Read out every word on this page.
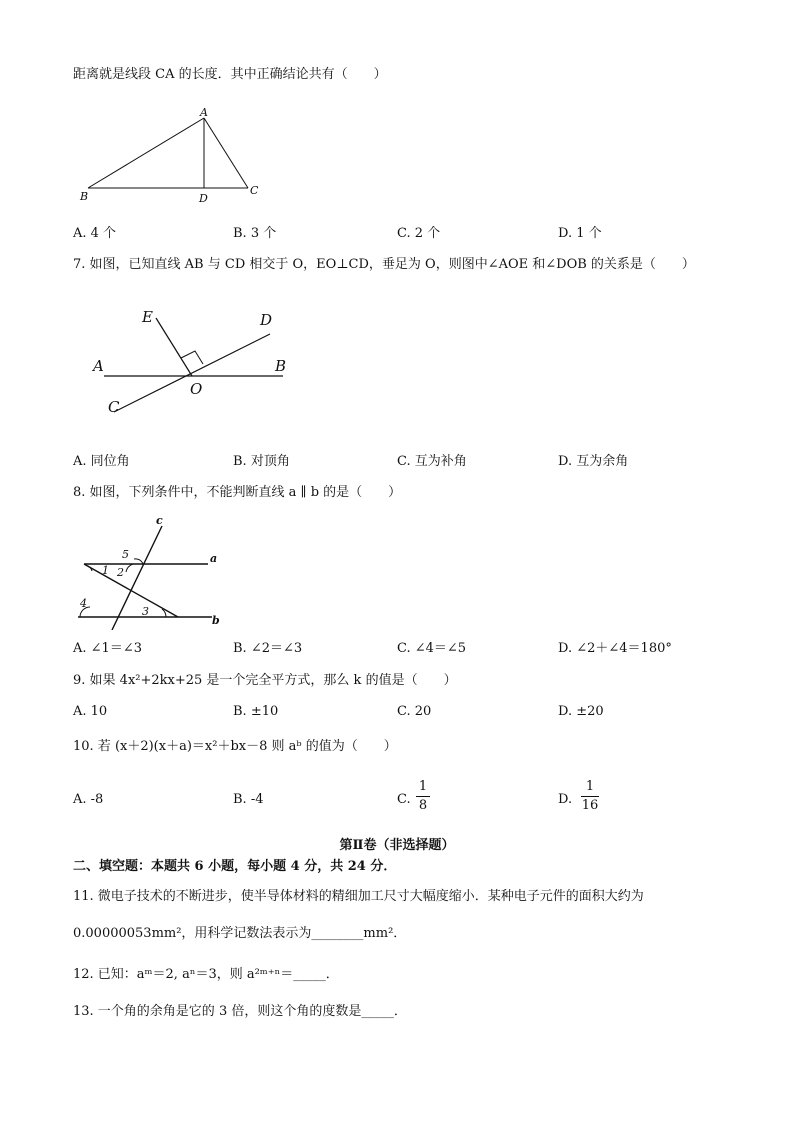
距离就是线段 CA 的长度．其中正确结论共有（　　）
A
B	C
D
A. 4 个	B. 3 个	C. 2 个	D. 1 个
7. 如图，已知直线 AB 与 CD 相交于 O，EO⊥CD，垂足为 O，则图中∠AOE 和∠DOB 的关系是（　　）
E	D
A	B
O
C
A. 同位角	B. 对顶角	C. 互为补角	D. 互为余角
8. 如图，下列条件中，不能判断直线 a ∥ b 的是（　　）
c
a
b
5
1 2
3
4
A. ∠1＝∠3	B. ∠2＝∠3	C. ∠4＝∠5	D. ∠2＋∠4＝180°
9. 如果 4x²+2kx+25 是一个完全平方式，那么 k 的值是（　　）
A. 10	B. ±10	C. 20	D. ±20
10. 若 (x＋2)(x＋a)＝x²＋bx－8 则 aᵇ 的值为（　　）
A. -8	B. -4	C.
1
8	D.
1
16
第Ⅱ卷（非选择题）
二、填空题：本题共 6 小题，每小题 4 分，共 24 分．
11. 微电子技术的不断进步，使半导体材料的精细加工尺寸大幅度缩小．某种电子元件的面积大约为
0.00000053mm²，用科学记数法表示为________mm²．
12. 已知：aᵐ＝2, aⁿ＝3，则 a²ᵐ⁺ⁿ＝_____．
13. 一个角的余角是它的 3 倍，则这个角的度数是_____．
